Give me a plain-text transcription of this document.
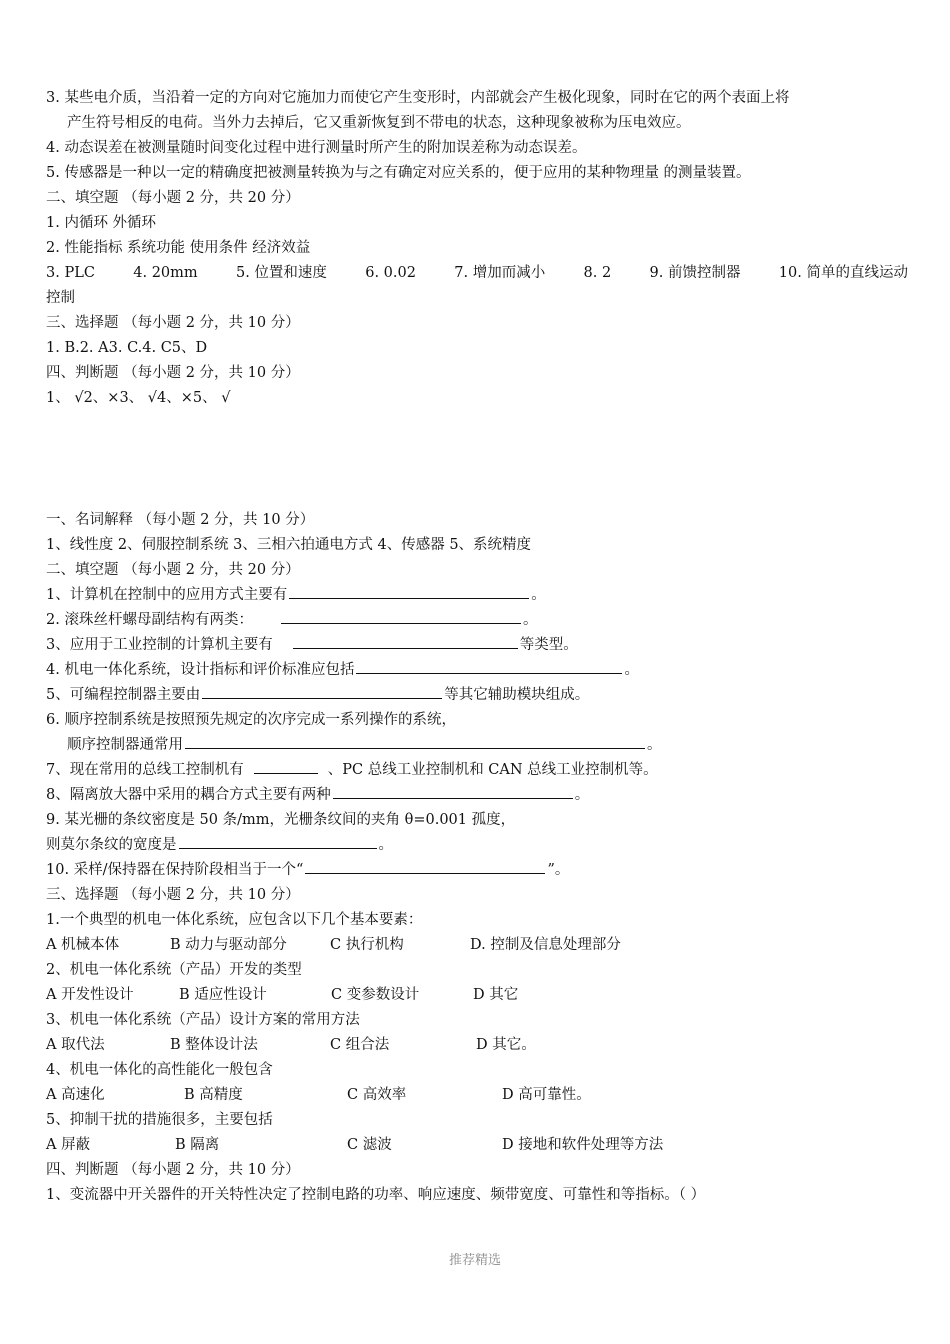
3. 某些电介质，当沿着一定的方向对它施加力而使它产生变形时，内部就会产生极化现象，同时在它的两个表面上将
产生符号相反的电荷。当外力去掉后，它又重新恢复到不带电的状态，这种现象被称为压电效应。
4. 动态误差在被测量随时间变化过程中进行测量时所产生的附加误差称为动态误差。
5. 传感器是一种以一定的精确度把被测量转换为与之有确定对应关系的，便于应用的某种物理量 的测量装置。
二、填空题 （每小题 2 分，共 20 分）
1. 内循环 外循环
2. 性能指标 系统功能 使用条件 经济效益
3. PLC	4. 20mm	5. 位置和速度	6. 0.02	7. 增加而减小	8. 2	9. 前馈控制器	10. 简单的直线运动
控制
三、选择题 （每小题 2 分，共 10 分）
1. B.2. A3. C.4. C5、D
四、判断题 （每小题 2 分，共 10 分）
1、 √2、×3、 √4、×5、 √
一、名词解释 （每小题 2 分，共 10 分）
1、线性度 2、伺服控制系统 3、三相六拍通电方式 4、传感器 5、系统精度
二、填空题 （每小题 2 分，共 20 分）
1、计算机在控制中的应用方式主要有	。
2. 滚珠丝杆螺母副结构有两类：	。
3、应用于工业控制的计算机主要有	等类型。
4. 机电一体化系统，设计指标和评价标准应包括	。
5、可编程控制器主要由	等其它辅助模块组成。
6. 顺序控制系统是按照预先规定的次序完成一系列操作的系统，
顺序控制器通常用	。
7、现在常用的总线工控制机有	、PC 总线工业控制机和 CAN 总线工业控制机等。
8、隔离放大器中采用的耦合方式主要有两种	。
9. 某光栅的条纹密度是 50 条/mm，光栅条纹间的夹角 θ=0.001 孤度，
则莫尔条纹的宽度是	。
10. 采样/保持器在保持阶段相当于一个“	”。
三、选择题 （每小题 2 分，共 10 分）
1.一个典型的机电一体化系统，应包含以下几个基本要素：
A 机械本体	B 动力与驱动部分	C 执行机构	D. 控制及信息处理部分
2、机电一体化系统（产品）开发的类型
A 开发性设计	B 适应性设计	C 变参数设计	D 其它
3、机电一体化系统（产品）设计方案的常用方法
A 取代法	B 整体设计法	C 组合法	D 其它。
4、机电一体化的高性能化一般包含
A 高速化	B 高精度	C 高效率	D 高可靠性。
5、抑制干扰的措施很多，主要包括
A 屏蔽	B 隔离	C 滤波	D 接地和软件处理等方法
四、判断题 （每小题 2 分，共 10 分）
1、变流器中开关器件的开关特性决定了控制电路的功率、响应速度、频带宽度、可靠性和等指标。（ ）
推荐精选
